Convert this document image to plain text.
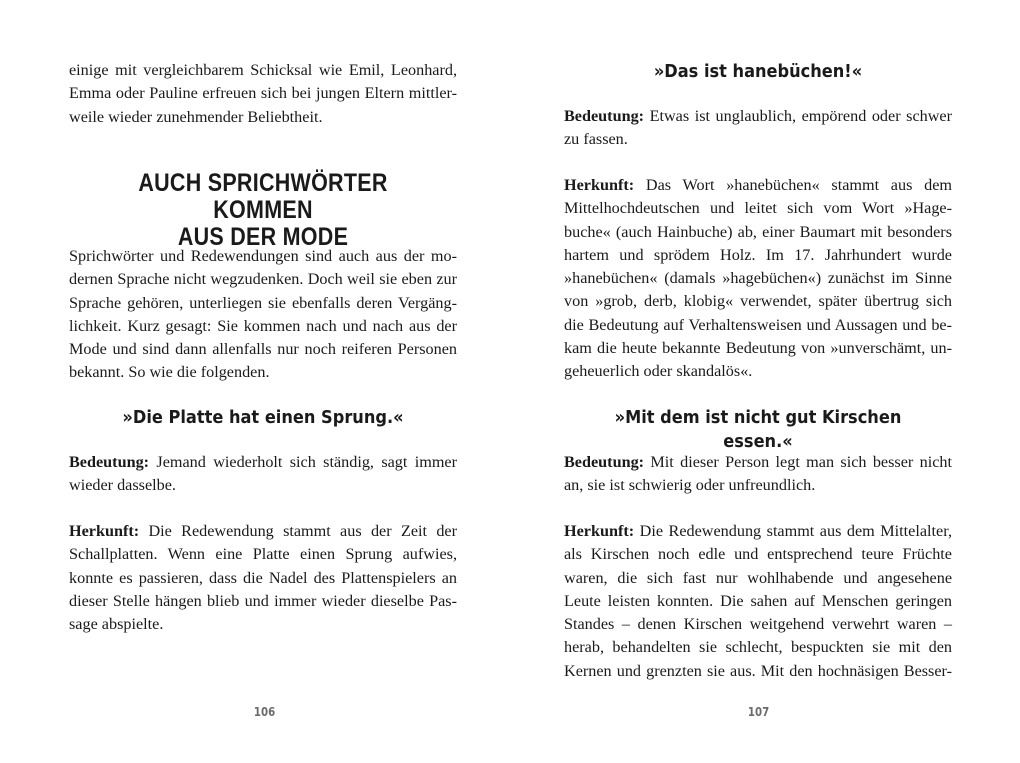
einige mit vergleichbarem Schicksal wie Emil, Leonhard,
Emma oder Pauline erfreuen sich bei jungen Eltern mittler-
weile wieder zunehmender Beliebtheit.

AUCH SPRICHWÖRTER KOMMEN
AUS DER MODE

Sprichwörter und Redewendungen sind auch aus der mo-
dernen Sprache nicht wegzudenken. Doch weil sie eben zur
Sprache gehören, unterliegen sie ebenfalls deren Vergäng-
lichkeit. Kurz gesagt: Sie kommen nach und nach aus der
Mode und sind dann allenfalls nur noch reiferen Personen
bekannt. So wie die folgenden.

»Die Platte hat einen Sprung.«

Bedeutung: Jemand wiederholt sich ständig, sagt immer
wieder dasselbe.

Herkunft: Die Redewendung stammt aus der Zeit der
Schallplatten. Wenn eine Platte einen Sprung aufwies,
konnte es passieren, dass die Nadel des Plattenspielers an
dieser Stelle hängen blieb und immer wieder dieselbe Pas-
sage abspielte.

106
»Das ist hanebüchen!«

Bedeutung: Etwas ist unglaublich, empörend oder schwer
zu fassen.

Herkunft: Das Wort »hanebüchen« stammt aus dem
Mittelhochdeutschen und leitet sich vom Wort »Hage-
buche« (auch Hainbuche) ab, einer Baumart mit besonders
hartem und sprödem Holz. Im 17. Jahrhundert wurde
»hanebüchen« (damals »hagebüchen«) zunächst im Sinne
von »grob, derb, klobig« verwendet, später übertrug sich
die Bedeutung auf Verhaltensweisen und Aussagen und be-
kam die heute bekannte Bedeutung von »unverschämt, un-
geheuerlich oder skandalös«.

»Mit dem ist nicht gut Kirschen essen.«

Bedeutung: Mit dieser Person legt man sich besser nicht
an, sie ist schwierig oder unfreundlich.

Herkunft: Die Redewendung stammt aus dem Mittelalter,
als Kirschen noch edle und entsprechend teure Früchte
waren, die sich fast nur wohlhabende und angesehene
Leute leisten konnten. Die sahen auf Menschen geringen
Standes – denen Kirschen weitgehend verwehrt waren –
herab, behandelten sie schlecht, bespuckten sie mit den
Kernen und grenzten sie aus. Mit den hochnäsigen Besser-

107
